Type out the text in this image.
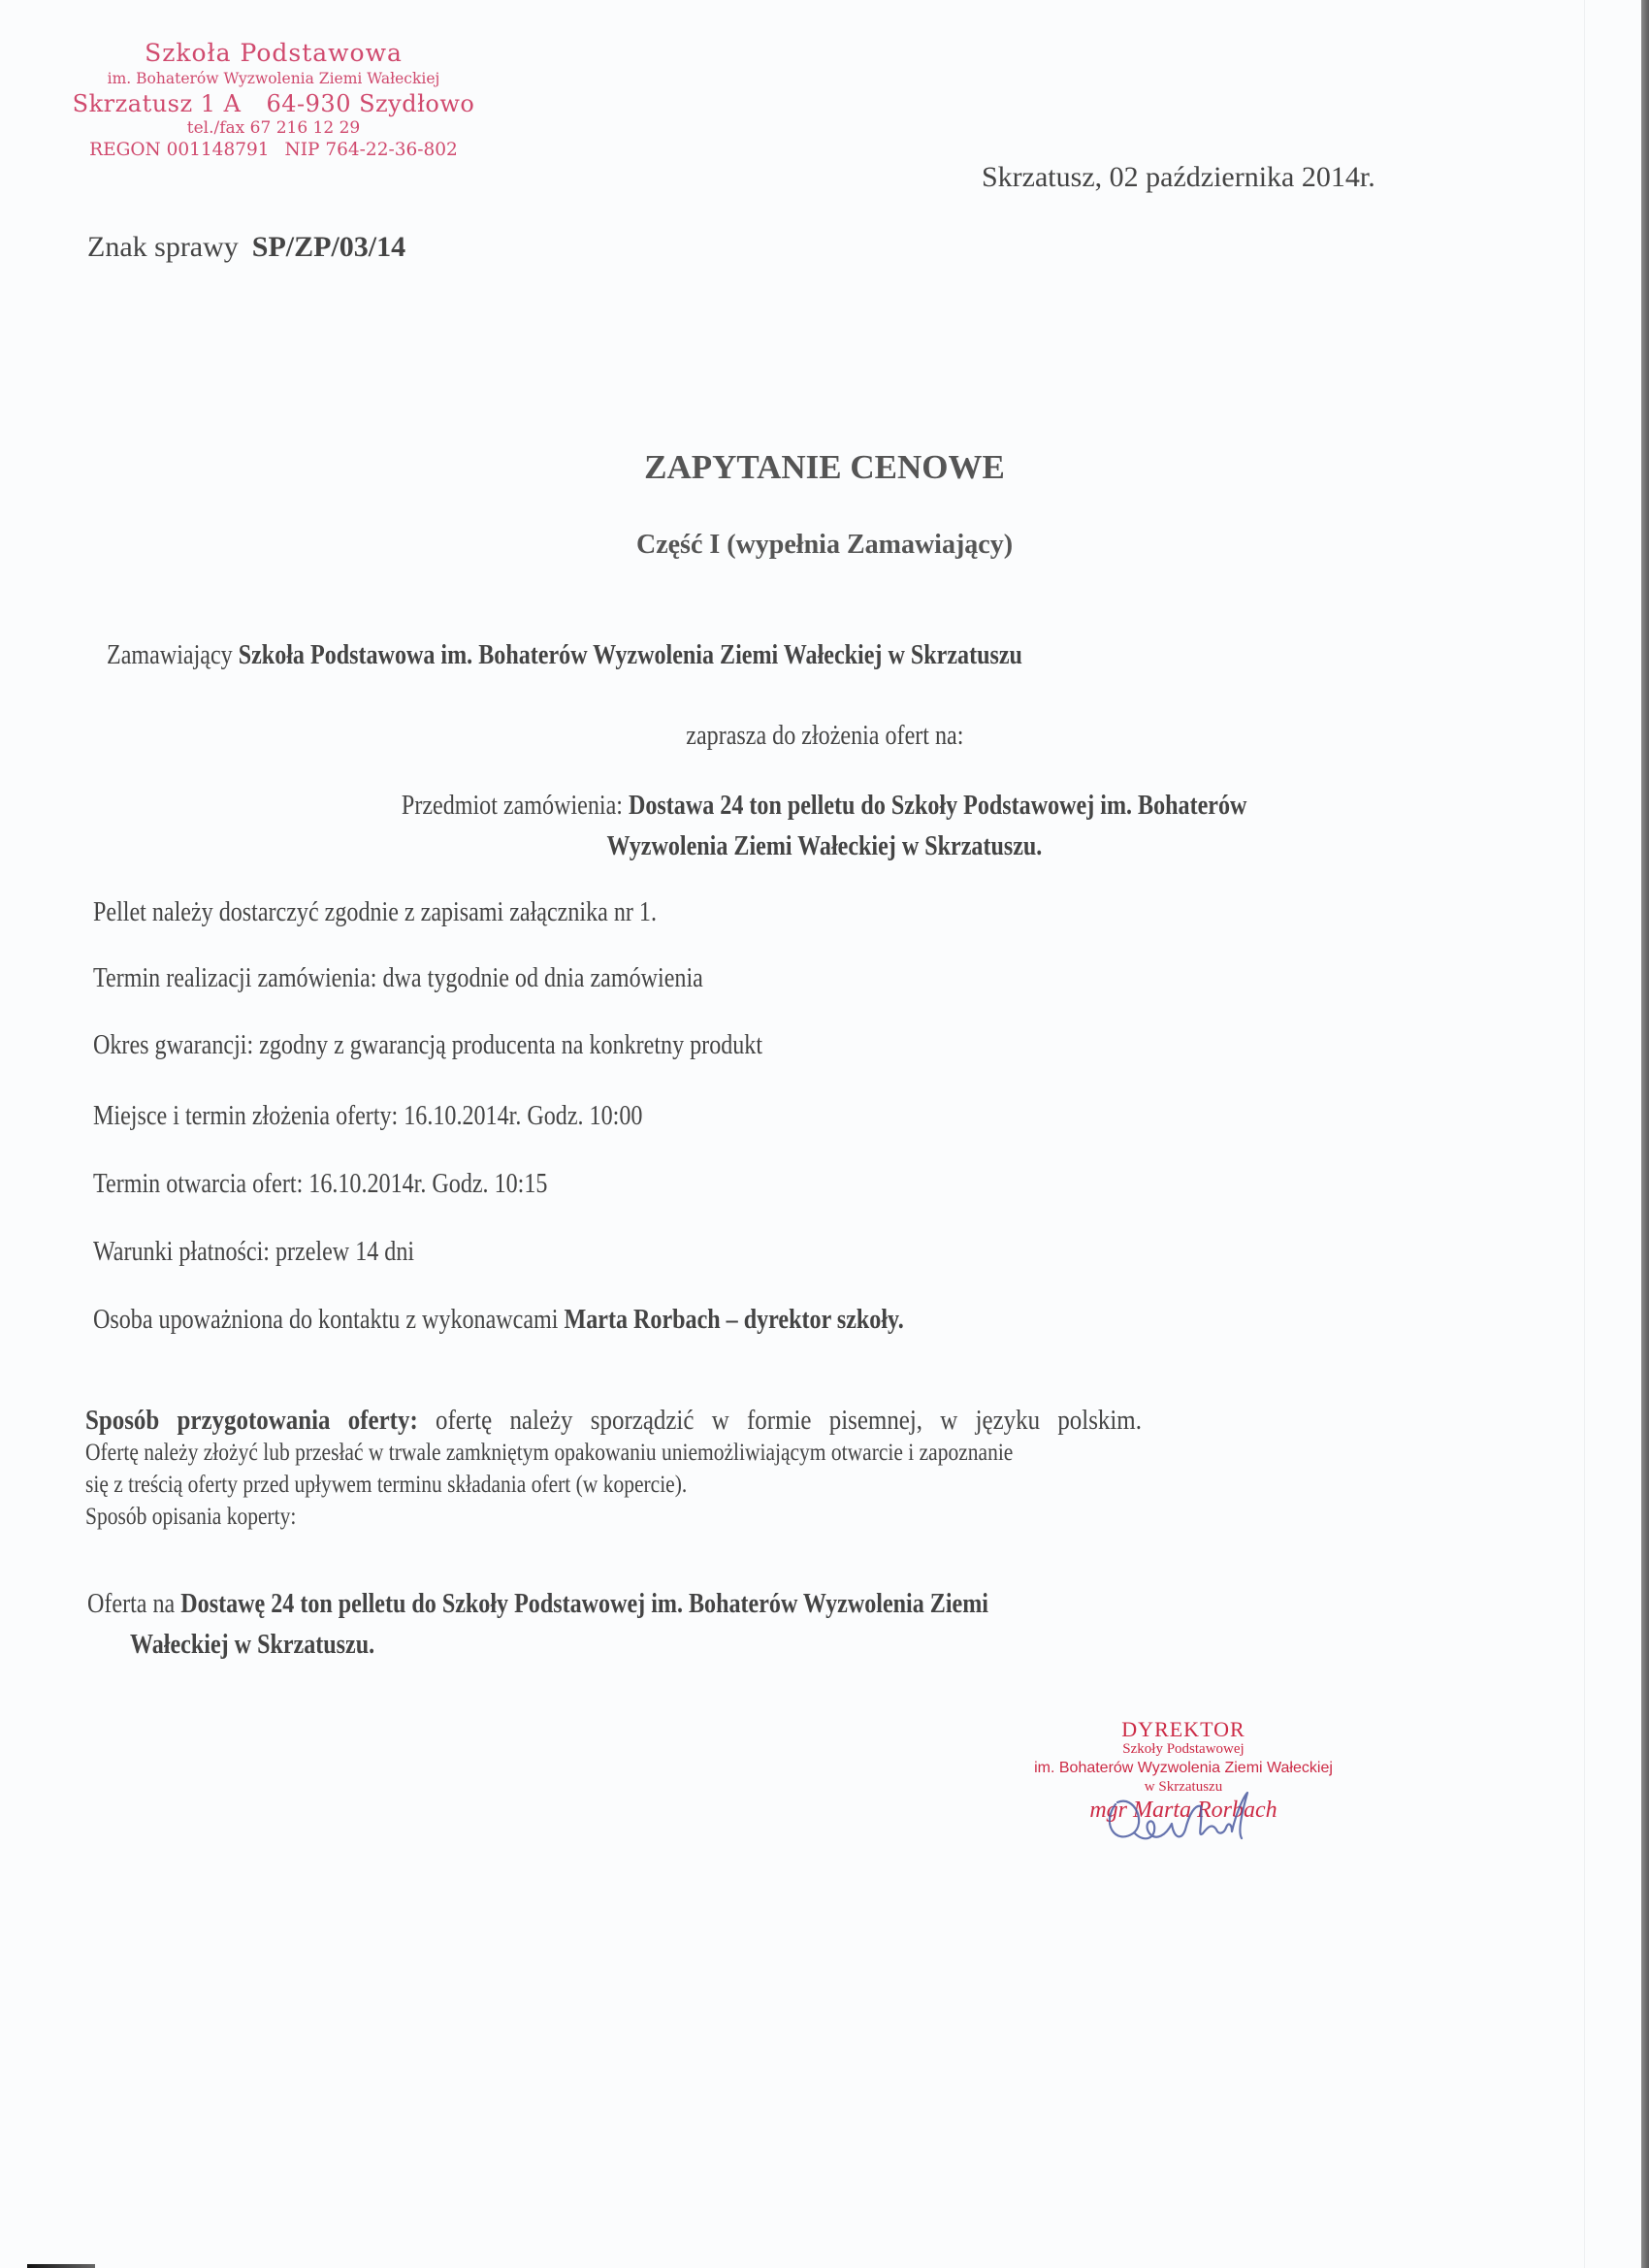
Szkoła Podstawowa
im. Bohaterów Wyzwolenia Ziemi Wałeckiej
Skrzatusz 1 A 64-930 Szydłowo
tel./fax 67 216 12 29
REGON 001148791 NIP 764-22-36-802
Skrzatusz, 02 października 2014r.
Znak sprawy SP/ZP/03/14
ZAPYTANIE CENOWE
Część I (wypełnia Zamawiający)
Zamawiający Szkoła Podstawowa im. Bohaterów Wyzwolenia Ziemi Wałeckiej w Skrzatuszu
zaprasza do złożenia ofert na:
Przedmiot zamówienia: Dostawa 24 ton pelletu do Szkoły Podstawowej im. Bohaterów
Wyzwolenia Ziemi Wałeckiej w Skrzatuszu.
Pellet należy dostarczyć zgodnie z zapisami załącznika nr 1.
Termin realizacji zamówienia: dwa tygodnie od dnia zamówienia
Okres gwarancji: zgodny z gwarancją producenta na konkretny produkt
Miejsce i termin złożenia oferty: 16.10.2014r. Godz. 10:00
Termin otwarcia ofert: 16.10.2014r. Godz. 10:15
Warunki płatności: przelew 14 dni
Osoba upoważniona do kontaktu z wykonawcami Marta Rorbach – dyrektor szkoły.
Sposób przygotowania oferty: ofertę należy sporządzić w formie pisemnej, w języku polskim.
Ofertę należy złożyć lub przesłać w trwale zamkniętym opakowaniu uniemożliwiającym otwarcie i zapoznanie
się z treścią oferty przed upływem terminu składania ofert (w kopercie).
Sposób opisania koperty:
Oferta na Dostawę 24 ton pelletu do Szkoły Podstawowej im. Bohaterów Wyzwolenia Ziemi
Wałeckiej w Skrzatuszu.
DYREKTOR
Szkoły Podstawowej
im. Bohaterów Wyzwolenia Ziemi Wałeckiej
w Skrzatuszu
mgr Marta Rorbach
